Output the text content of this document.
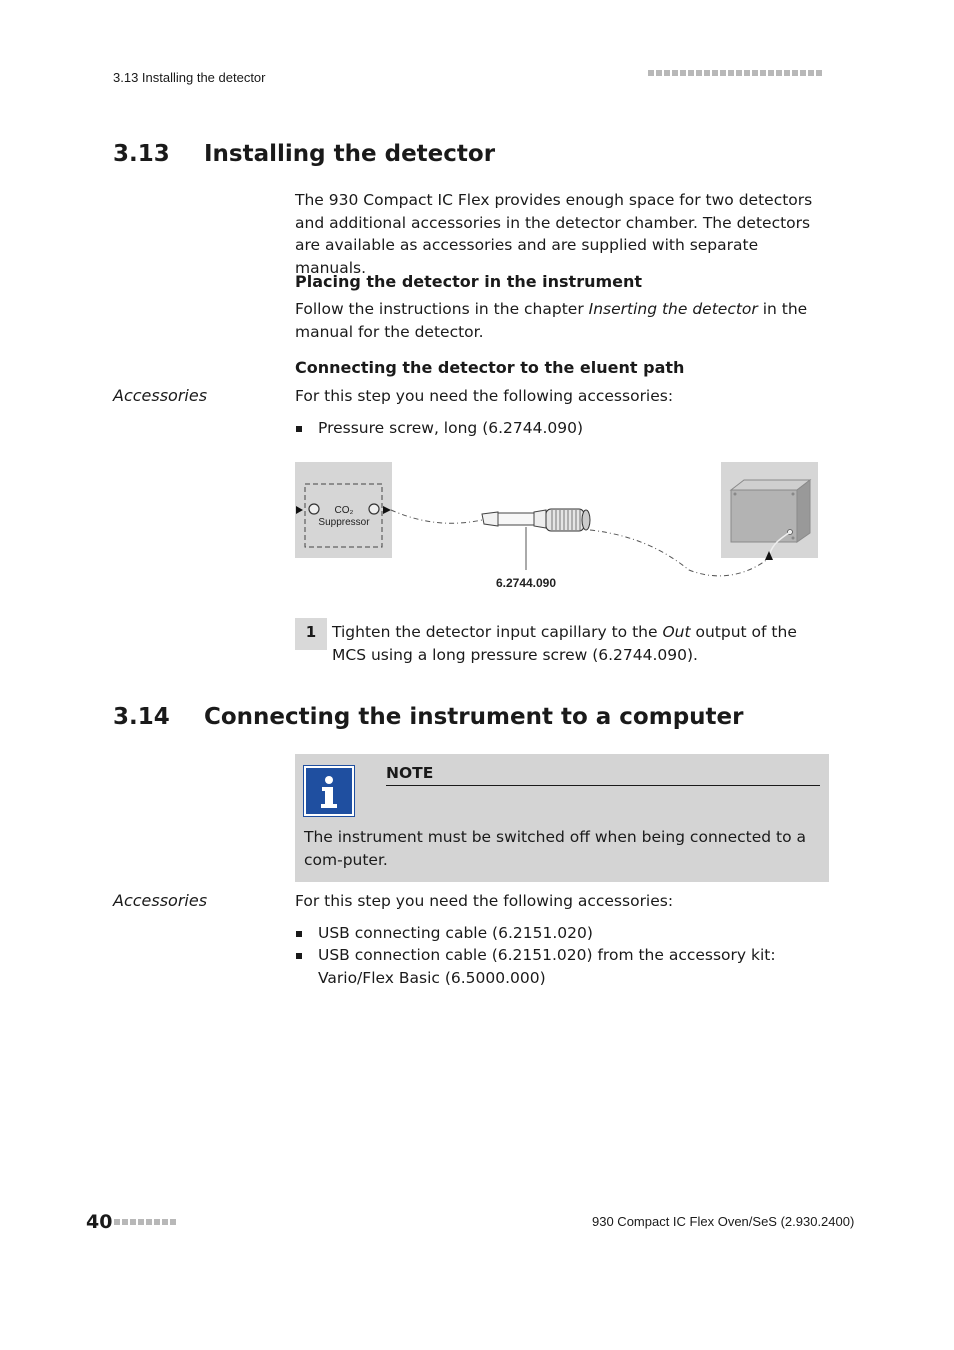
3.13 Installing the detector
3.13 Installing the detector
The 930 Compact IC Flex provides enough space for two detectors and additional accessories in the detector chamber. The detectors are available as accessories and are supplied with separate manuals.
Placing the detector in the instrument
Follow the instructions in the chapter Inserting the detector in the manual for the detector.
Connecting the detector to the eluent path
Accessories	For this step you need the following accessories:
Pressure screw, long (6.2744.090)
CO₂
Suppressor
6.2744.090
1	Tighten the detector input capillary to the Out output of the MCS using a long pressure screw (6.2744.090).
3.14 Connecting the instrument to a computer
NOTE
The instrument must be switched off when being connected to a com-puter.
Accessories	For this step you need the following accessories:
USB connecting cable (6.2151.020)
USB connection cable (6.2151.020) from the accessory kit: Vario/Flex Basic (6.5000.000)
40	930 Compact IC Flex Oven/SeS (2.930.2400)
